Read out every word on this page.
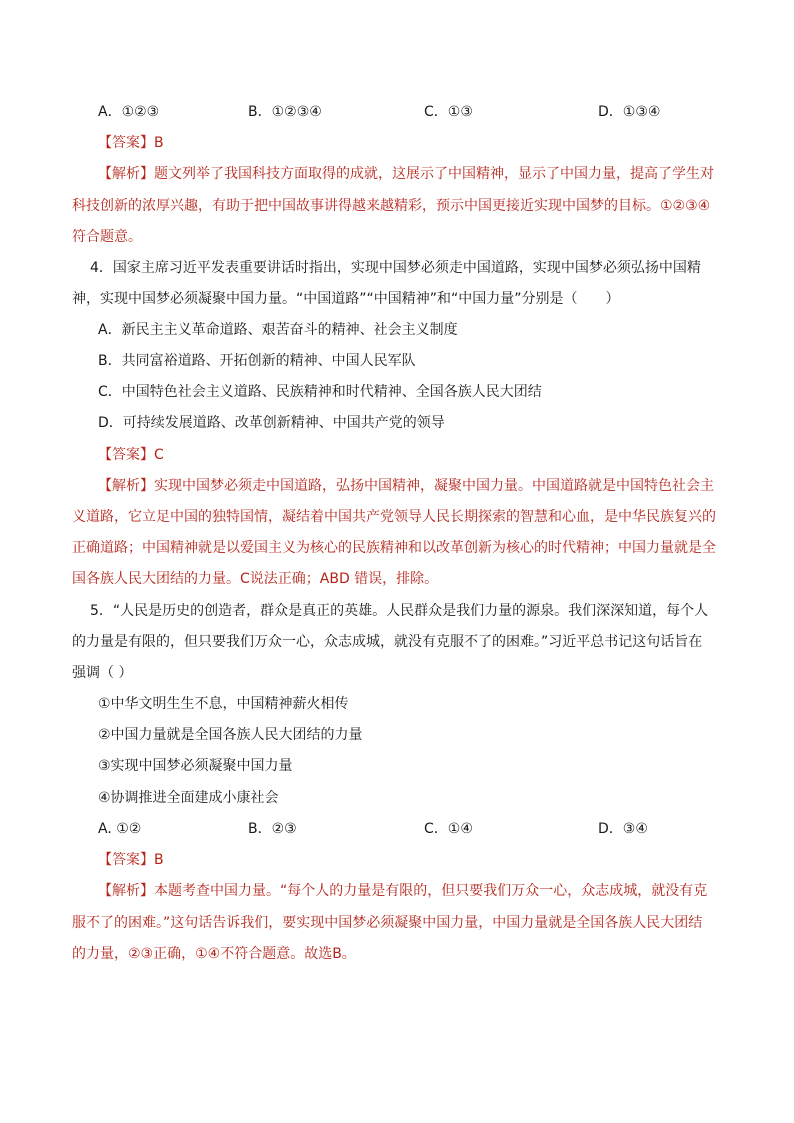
A．①②③	B．①②③④	C．①③	D．①③④
【答案】B
【解析】题文列举了我国科技方面取得的成就，这展示了中国精神，显示了中国力量，提高了学生对
科技创新的浓厚兴趣，有助于把中国故事讲得越来越精彩，预示中国更接近实现中国梦的目标。①②③④
符合题意。
4．国家主席习近平发表重要讲话时指出，实现中国梦必须走中国道路，实现中国梦必须弘扬中国精
神，实现中国梦必须凝聚中国力量。“中国道路”“中国精神”和“中国力量”分别是（　　）
A．新民主主义革命道路、艰苦奋斗的精神、社会主义制度
B．共同富裕道路、开拓创新的精神、中国人民军队
C．中国特色社会主义道路、民族精神和时代精神、全国各族人民大团结
D．可持续发展道路、改革创新精神、中国共产党的领导
【答案】C
【解析】实现中国梦必须走中国道路，弘扬中国精神，凝聚中国力量。中国道路就是中国特色社会主
义道路，它立足中国的独特国情，凝结着中国共产党领导人民长期探索的智慧和心血，是中华民族复兴的
正确道路；中国精神就是以爱国主义为核心的民族精神和以改革创新为核心的时代精神；中国力量就是全
国各族人民大团结的力量。C说法正确；ABD 错误，排除。
5．“人民是历史的创造者，群众是真正的英雄。人民群众是我们力量的源泉。我们深深知道，每个人
的力量是有限的，但只要我们万众一心，众志成城，就没有克服不了的困难。”习近平总书记这句话旨在
强调（ ）
①中华文明生生不息，中国精神薪火相传
②中国力量就是全国各族人民大团结的力量
③实现中国梦必须凝聚中国力量
④协调推进全面建成小康社会
A. ①②	B．②③	C．①④	D．③④
【答案】B
【解析】本题考查中国力量。“每个人的力量是有限的，但只要我们万众一心，众志成城，就没有克
服不了的困难。”这句话告诉我们，要实现中国梦必须凝聚中国力量，中国力量就是全国各族人民大团结
的力量，②③正确，①④不符合题意。故选B。
